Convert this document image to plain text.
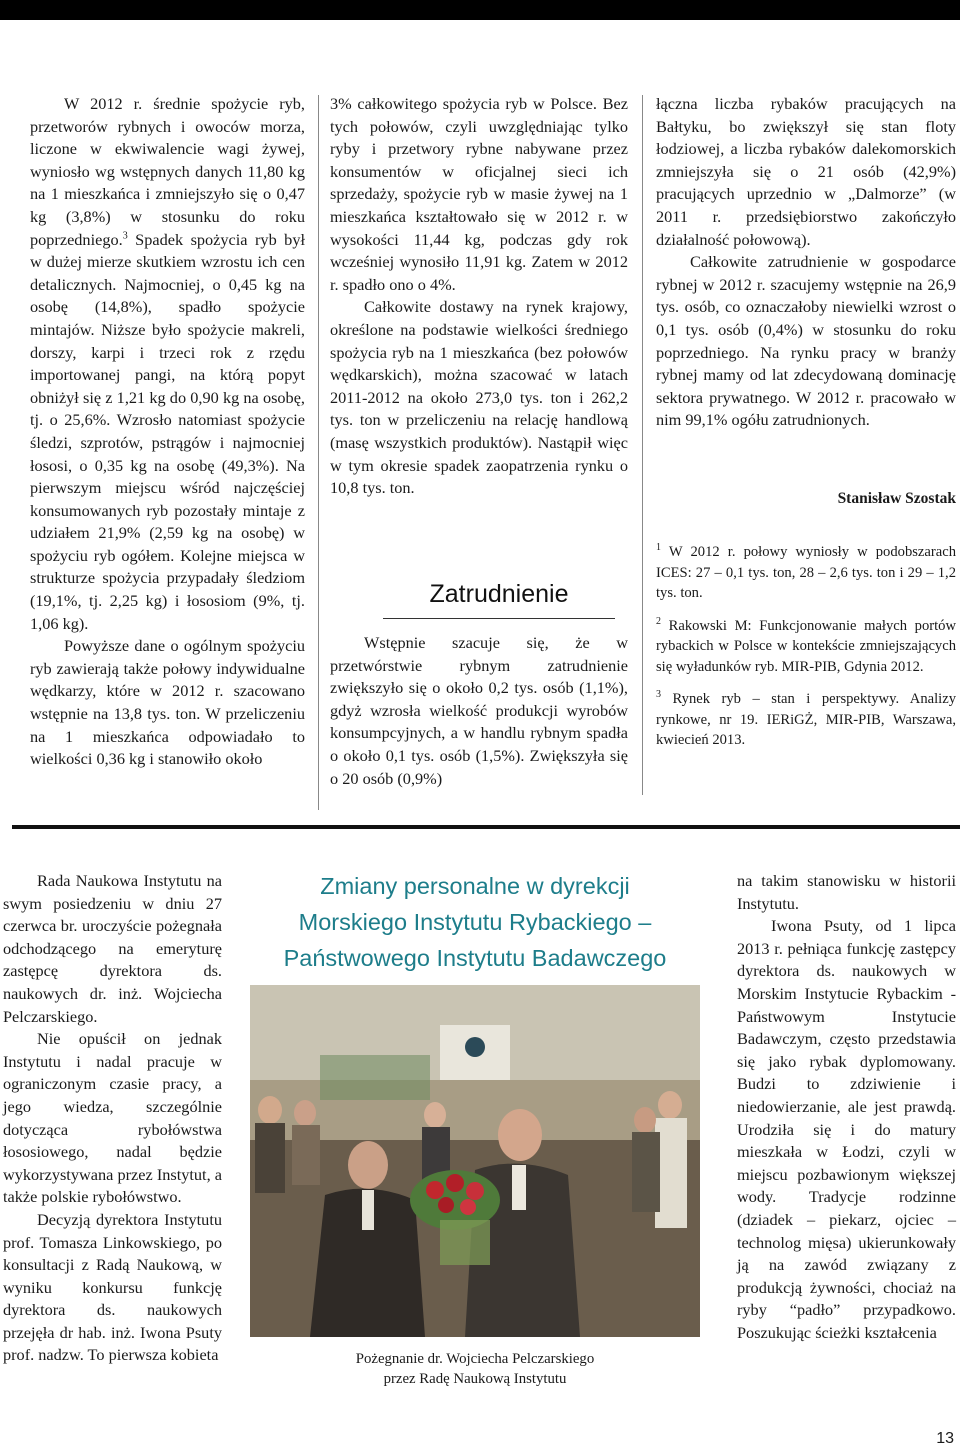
W 2012 r. średnie spożycie ryb, przetworów rybnych i owoców morza, liczone w ekwiwalencie wagi żywej, wyniosło wg wstępnych danych 11,80 kg na 1 mieszkańca i zmniejszyło się o 0,47 kg (3,8%) w stosunku do roku poprzedniego.$^3$ Spadek spożycia ryb był w dużej mierze skutkiem wzrostu ich cen detalicznych. Najmocniej, o 0,45 kg na osobę (14,8%), spadło spożycie mintajów. Niższe było spożycie makreli, dorszy, karpi i trzeci rok z rzędu importowanej pangi, na którą popyt obniżył się z 1,21 kg do 0,90 kg na osobę, tj. o 25,6%. Wzrosło natomiast spożycie śledzi, szprotów, pstrągów i najmocniej łososi, o 0,35 kg na osobę (49,3%). Na pierwszym miejscu wśród najczęściej konsumowanych ryb pozostały mintaje z udziałem 21,9% (2,59 kg na osobę) w spożyciu ryb ogółem. Kolejne miejsca w strukturze spożycia przypadały śledziom (19,1%, tj. 2,25 kg) i łososiom (9%, tj. 1,06 kg).

Powyższe dane o ogólnym spożyciu ryb zawierają także połowy indywidualne wędkarzy, które w 2012 r. szacowano wstępnie na 13,8 tys. ton. W przeliczeniu na 1 mieszkańca odpowiadało to wielkości 0,36 kg i stanowiło około

3% całkowitego spożycia ryb w Polsce. Bez tych połowów, czyli uwzględniając tylko ryby i przetwory rybne nabywane przez konsumentów w oficjalnej sieci ich sprzedaży, spożycie ryb w masie żywej na 1 mieszkańca kształtowało się w 2012 r. w wysokości 11,44 kg, podczas gdy rok wcześniej wynosiło 11,91 kg. Zatem w 2012 r. spadło ono o 4%.

Całkowite dostawy na rynek krajowy, określone na podstawie wielkości średniego spożycia ryb na 1 mieszkańca (bez połowów wędkarskich), można szacować w latach 2011-2012 na około 273,0 tys. ton i 262,2 tys. ton w przeliczeniu na relację handlową (masę wszystkich produktów). Nastąpił więc w tym okresie spadek zaopatrzenia rynku o 10,8 tys. ton.

Zatrudnienie

Wstępnie szacuje się, że w przetwórstwie rybnym zatrudnienie zwiększyło się o około 0,2 tys. osób (1,1%), gdyż wzrosła wielkość produkcji wyrobów konsumpcyjnych, a w handlu rybnym spadła o około 0,1 tys. osób (1,5%). Zwiększyła się o 20 osób (0,9%)

łączna liczba rybaków pracujących na Bałtyku, bo zwiększył się stan floty łodziowej, a liczba rybaków dalekomorskich zmniejszyła się o 21 osób (42,9%) pracujących uprzednio w „Dalmorze” (w 2011 r. przedsiębiorstwo zakończyło działalność połowową).

Całkowite zatrudnienie w gospodarce rybnej w 2012 r. szacujemy wstępnie na 26,9 tys. osób, co oznaczałoby niewielki wzrost o 0,1 tys. osób (0,4%) w stosunku do roku poprzedniego. Na rynku pracy w branży rybnej mamy od lat zdecydowaną dominację sektora prywatnego. W 2012 r. pracowało w nim 99,1% ogółu zatrudnionych.

Stanisław Szostak

$^1$ W 2012 r. połowy wyniosły w podobszarach ICES: 27 – 0,1 tys. ton, 28 – 2,6 tys. ton i 29 – 1,2 tys. ton.

$^2$ Rakowski M: Funkcjonowanie małych portów rybackich w Polsce w kontekście zmniejszających się wyładunków ryb. MIR-PIB, Gdynia 2012.

$^3$ Rynek ryb – stan i perspektywy. Analizy rynkowe, nr 19. IERiGŻ, MIR-PIB, Warszawa, kwiecień 2013.

Rada Naukowa Instytutu na swym posiedzeniu w dniu 27 czerwca br. uroczyście pożegnała odchodzącego na emeryturę zastępcę dyrektora ds. naukowych dr. inż. Wojciecha Pelczarskiego.

Nie opuścił on jednak Instytutu i nadal pracuje w ograniczonym czasie pracy, a jego wiedza, szczególnie dotycząca rybołówstwa łososiowego, nadal będzie wykorzystywana przez Instytut, a także polskie rybołówstwo.

Decyzją dyrektora Instytutu prof. Tomasza Linkowskiego, po konsultacji z Radą Naukową, w wyniku konkursu funkcję dyrektora ds. naukowych przejęła dr hab. inż. Iwona Psuty prof. nadzw. To pierwsza kobieta

Zmiany personalne w dyrekcji
Morskiego Instytutu Rybackiego –
Państwowego Instytutu Badawczego
Pożegnanie dr. Wojciecha Pelczarskiego
przez Radę Naukową Instytutu

na takim stanowisku w historii Instytutu.

Iwona Psuty, od 1 lipca 2013 r. pełniąca funkcję zastępcy dyrektora ds. naukowych w Morskim Instytucie Rybackim - Państwowym Instytucie Badawczym, często przedstawia się jako rybak dyplomowany. Budzi to zdziwienie i niedowierzanie, ale jest prawdą. Urodziła się i do matury mieszkała w Łodzi, czyli w miejscu pozbawionym większej wody. Tradycje rodzinne (dziadek – piekarz, ojciec – technolog mięsa) ukierunkowały ją na zawód związany z produkcją żywności, chociaż na ryby “padło” przypadkowo. Poszukując ścieżki kształcenia

13
